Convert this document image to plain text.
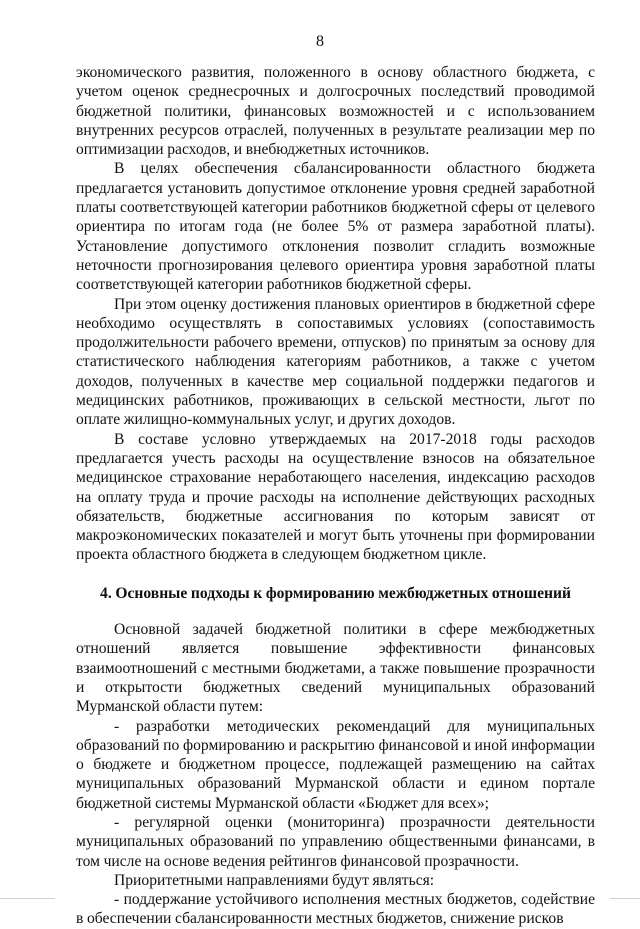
8

экономического развития, положенного в основу областного бюджета, с учетом оценок среднесрочных и долгосрочных последствий проводимой бюджетной политики, финансовых возможностей и с использованием внутренних ресурсов отраслей, полученных в результате реализации мер по оптимизации расходов, и внебюджетных источников.

В целях обеспечения сбалансированности областного бюджета предлагается установить допустимое отклонение уровня средней заработной платы соответствующей категории работников бюджетной сферы от целевого ориентира по итогам года (не более 5% от размера заработной платы). Установление допустимого отклонения позволит сгладить возможные неточности прогнозирования целевого ориентира уровня заработной платы соответствующей категории работников бюджетной сферы.

При этом оценку достижения плановых ориентиров в бюджетной сфере необходимо осуществлять в сопоставимых условиях (сопоставимость продолжительности рабочего времени, отпусков) по принятым за основу для статистического наблюдения категориям работников, а также с учетом доходов, полученных в качестве мер социальной поддержки педагогов и медицинских работников, проживающих в сельской местности, льгот по оплате жилищно-коммунальных услуг, и других доходов.

В составе условно утверждаемых на 2017-2018 годы расходов предлагается учесть расходы на осуществление взносов на обязательное медицинское страхование неработающего населения, индексацию расходов на оплату труда и прочие расходы на исполнение действующих расходных обязательств, бюджетные ассигнования по которым зависят от макроэкономических показателей и могут быть уточнены при формировании проекта областного бюджета в следующем бюджетном цикле.

4. Основные подходы к формированию межбюджетных отношений

Основной задачей бюджетной политики в сфере межбюджетных отношений является повышение эффективности финансовых взаимоотношений с местными бюджетами, а также повышение прозрачности и открытости бюджетных сведений муниципальных образований Мурманской области путем:

- разработки методических рекомендаций для муниципальных образований по формированию и раскрытию финансовой и иной информации о бюджете и бюджетном процессе, подлежащей размещению на сайтах муниципальных образований Мурманской области и едином портале бюджетной системы Мурманской области «Бюджет для всех»;

- регулярной оценки (мониторинга) прозрачности деятельности муниципальных образований по управлению общественными финансами, в том числе на основе ведения рейтингов финансовой прозрачности.

Приоритетными направлениями будут являться:

- поддержание устойчивого исполнения местных бюджетов, содействие в обеспечении сбалансированности местных бюджетов, снижение рисков
